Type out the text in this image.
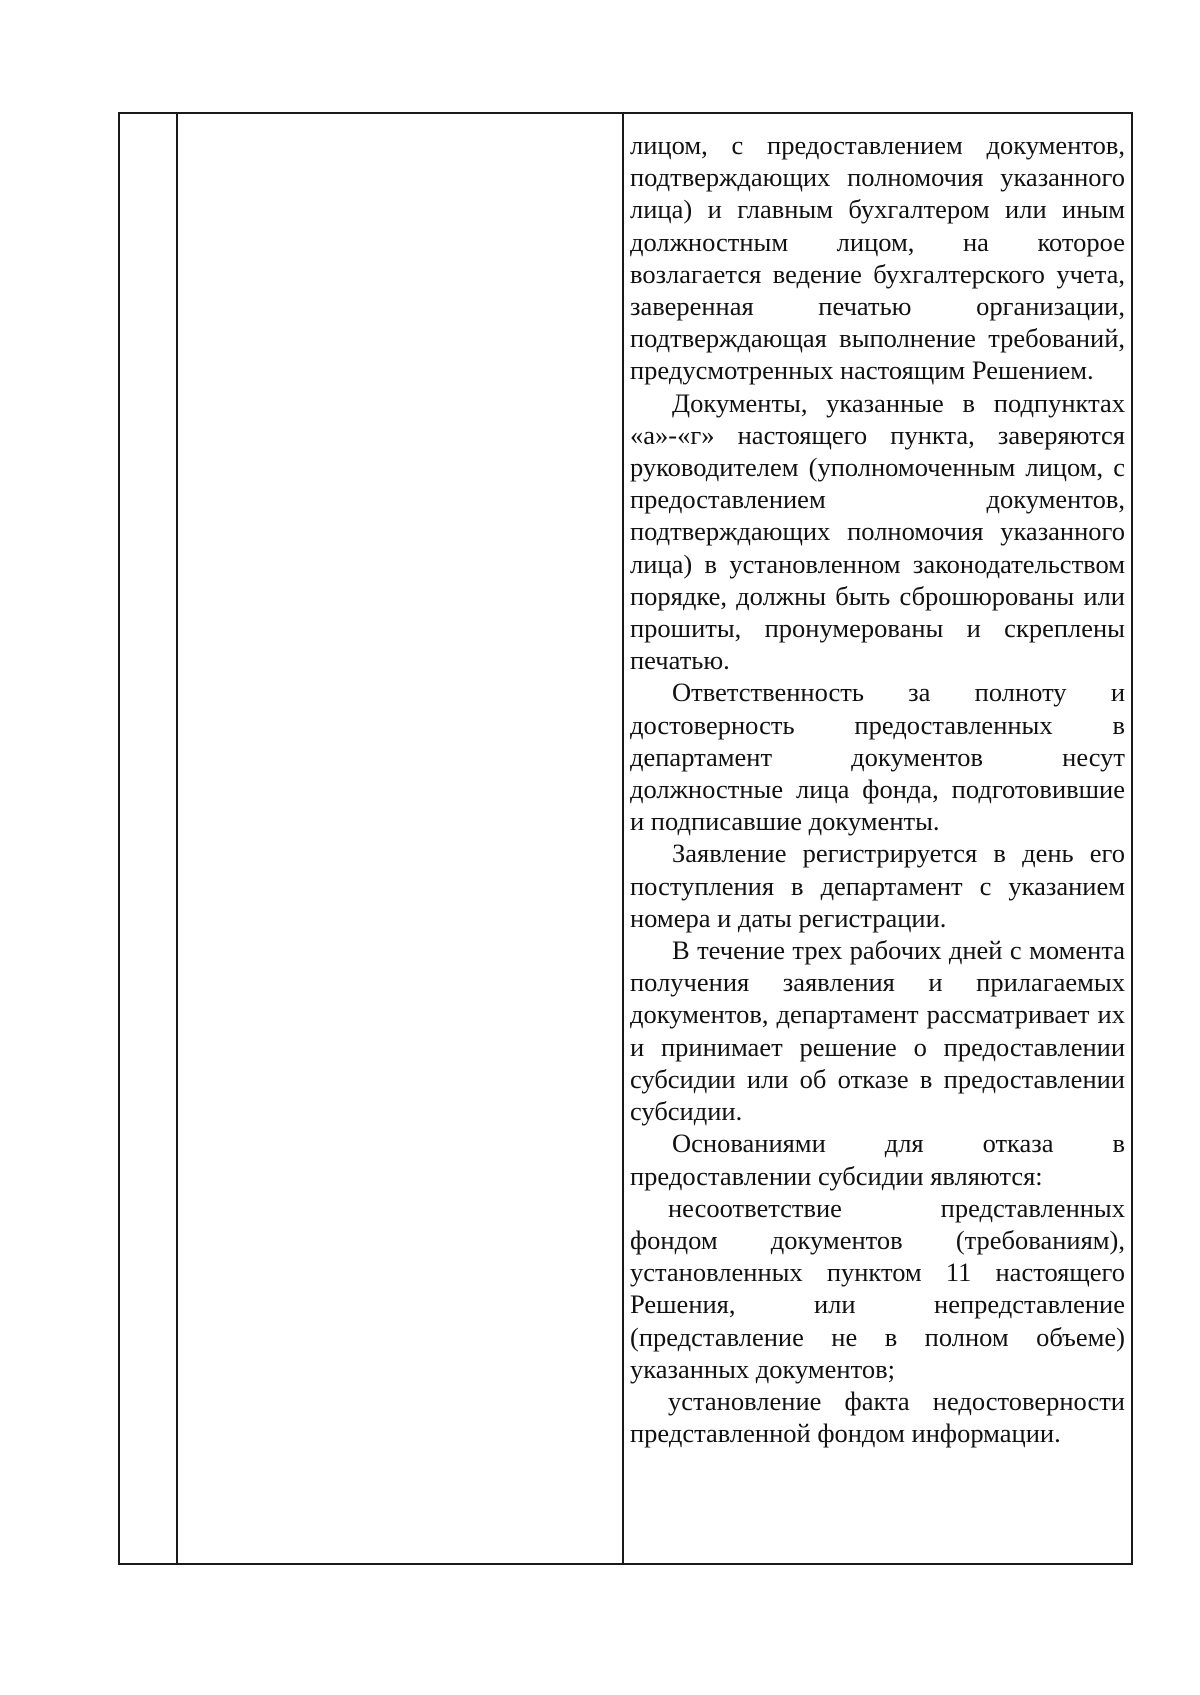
лицом, с предоставлением документов, подтверждающих полномочия указанного лица) и главным бухгалтером или иным должностным лицом, на которое возлагается ведение бухгалтерского учета, заверенная печатью организации, подтверждающая выполнение требований, предусмотренных настоящим Решением.

Документы, указанные в подпунктах «а»-«г» настоящего пункта, заверяются руководителем (уполномоченным лицом, с предоставлением документов, подтверждающих полномочия указанного лица) в установленном законодательством порядке, должны быть сброшюрованы или прошиты, пронумерованы и скреплены печатью.

Ответственность за полноту и достоверность предоставленных в департамент документов несут должностные лица фонда, подготовившие и подписавшие документы.

Заявление регистрируется в день его поступления в департамент с указанием номера и даты регистрации.

В течение трех рабочих дней с момента получения заявления и прилагаемых документов, департамент рассматривает их и принимает решение о предоставлении субсидии или об отказе в предоставлении субсидии.

Основаниями для отказа в предоставлении субсидии являются:

несоответствие представленных фондом документов (требованиям), установленных пунктом 11 настоящего Решения, или непредставление (представление не в полном объеме) указанных документов;

установление факта недостоверности представленной фондом информации.
